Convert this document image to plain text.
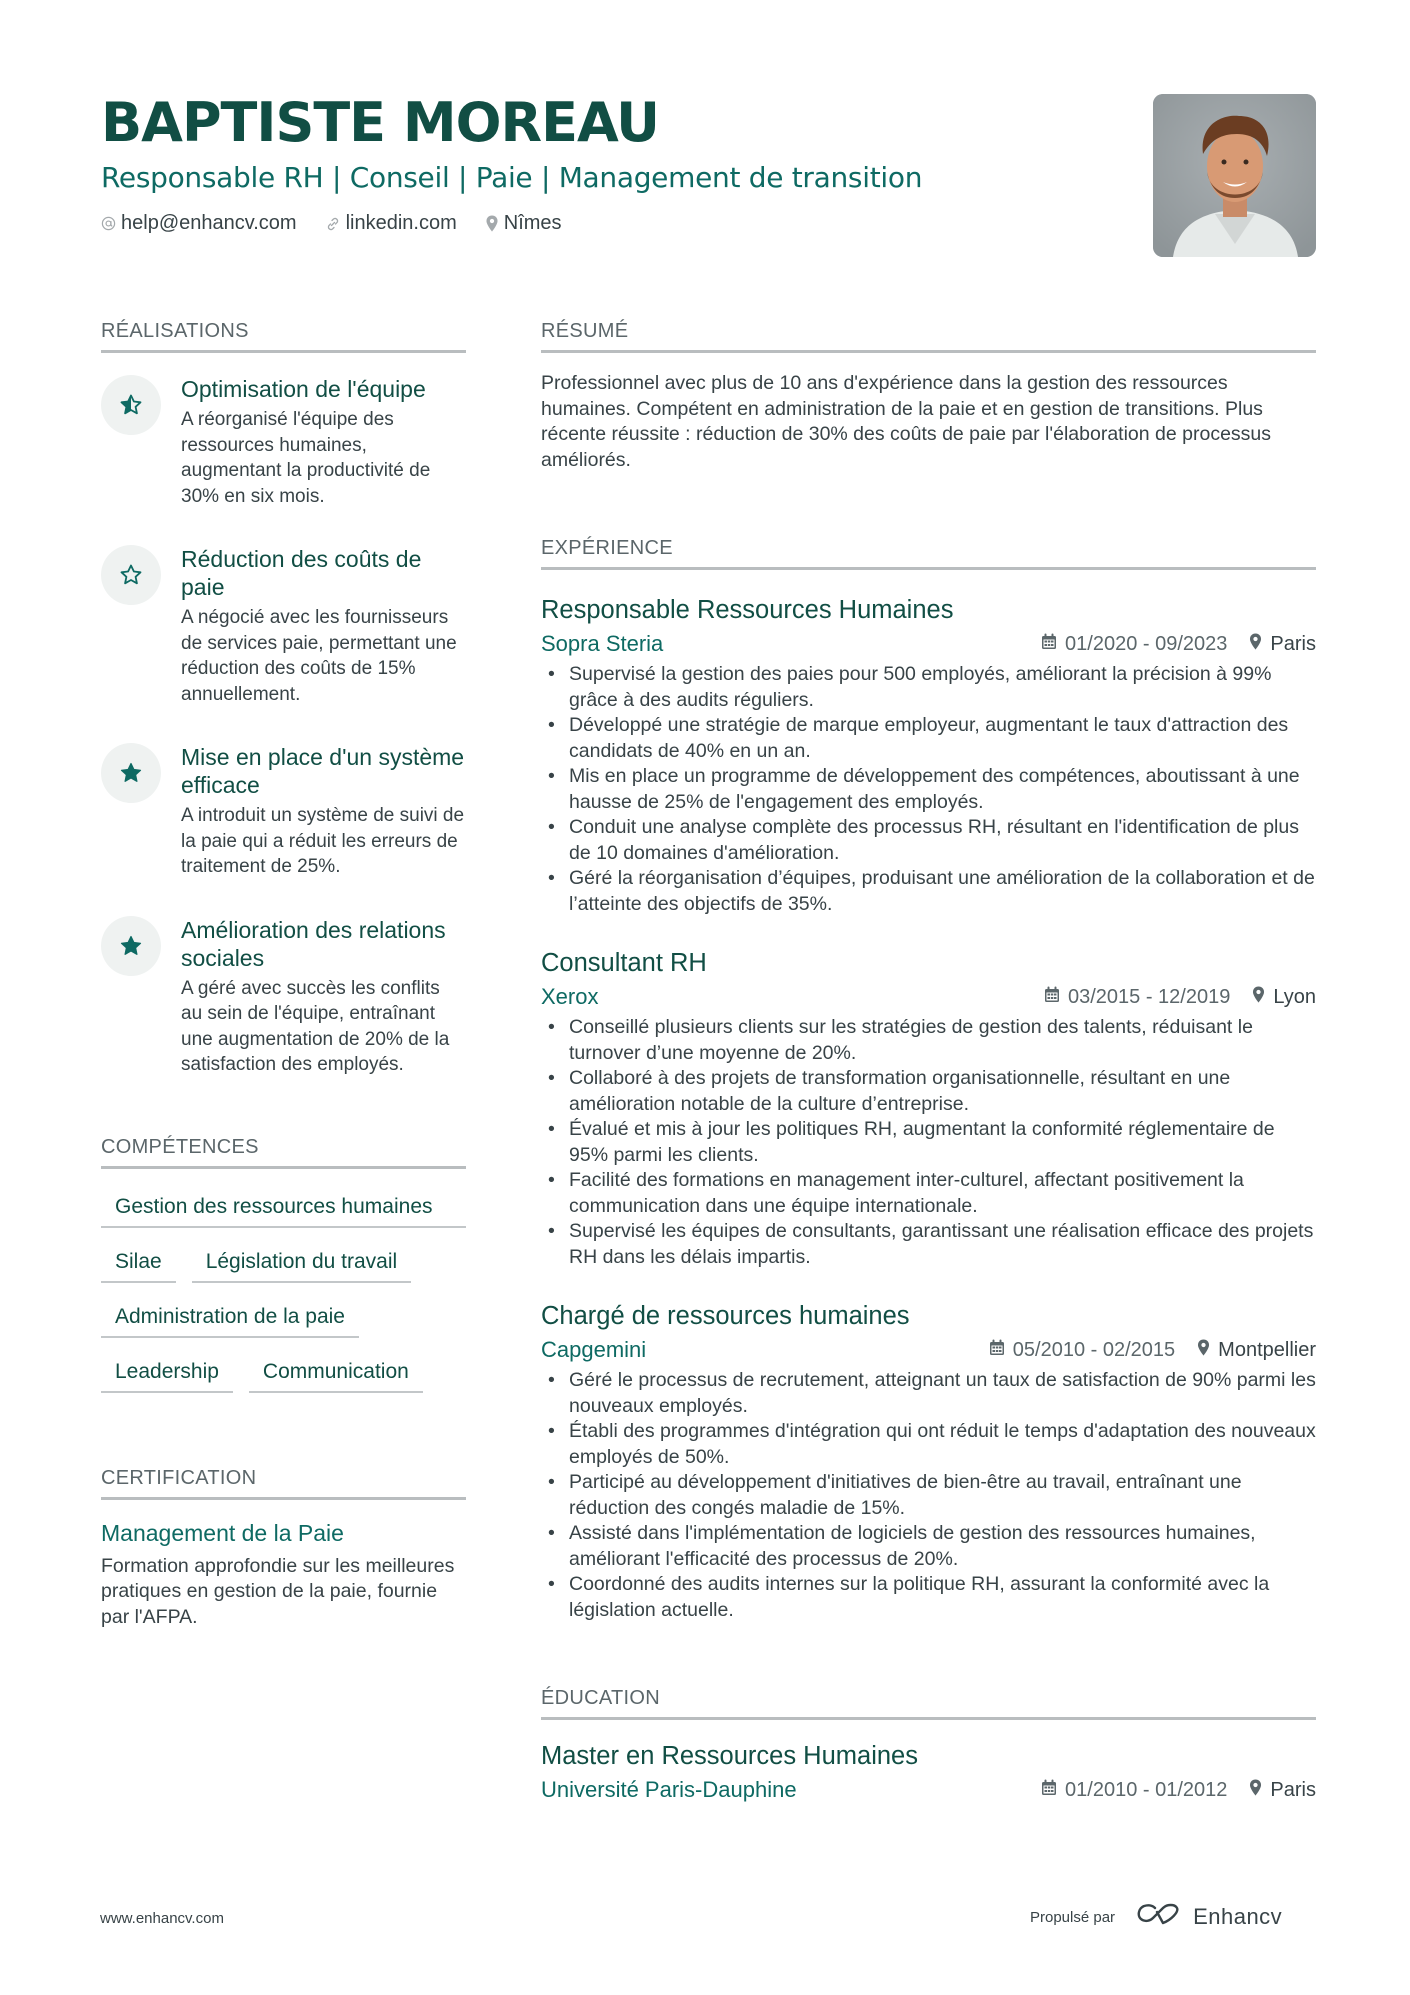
BAPTISTE MOREAU
Responsable RH | Conseil | Paie | Management de transition
help@enhancv.com linkedin.com Nîmes
RÉALISATIONS
Optimisation de l'équipe
A réorganisé l'équipe des ressources humaines, augmentant la productivité de 30% en six mois.
Réduction des coûts de paie
A négocié avec les fournisseurs de services paie, permettant une réduction des coûts de 15% annuellement.
Mise en place d'un système efficace
A introduit un système de suivi de la paie qui a réduit les erreurs de traitement de 25%.
Amélioration des relations sociales
A géré avec succès les conflits au sein de l'équipe, entraînant une augmentation de 20% de la satisfaction des employés.
COMPÉTENCES
Gestion des ressources humaines
Silae	Législation du travail
Administration de la paie
Leadership	Communication
CERTIFICATION
Management de la Paie
Formation approfondie sur les meilleures pratiques en gestion de la paie, fournie par l'AFPA.
RÉSUMÉ
Professionnel avec plus de 10 ans d'expérience dans la gestion des ressources humaines. Compétent en administration de la paie et en gestion de transitions. Plus récente réussite : réduction de 30% des coûts de paie par l'élaboration de processus améliorés.
EXPÉRIENCE
Responsable Ressources Humaines
Sopra Steria	01/2020 - 09/2023 Paris
• Supervisé la gestion des paies pour 500 employés, améliorant la précision à 99% grâce à des audits réguliers.
• Développé une stratégie de marque employeur, augmentant le taux d'attraction des candidats de 40% en un an.
• Mis en place un programme de développement des compétences, aboutissant à une hausse de 25% de l'engagement des employés.
• Conduit une analyse complète des processus RH, résultant en l'identification de plus de 10 domaines d'amélioration.
• Géré la réorganisation d’équipes, produisant une amélioration de la collaboration et de l’atteinte des objectifs de 35%.
Consultant RH
Xerox	03/2015 - 12/2019 Lyon
• Conseillé plusieurs clients sur les stratégies de gestion des talents, réduisant le turnover d’une moyenne de 20%.
• Collaboré à des projets de transformation organisationnelle, résultant en une amélioration notable de la culture d’entreprise.
• Évalué et mis à jour les politiques RH, augmentant la conformité réglementaire de 95% parmi les clients.
• Facilité des formations en management inter-culturel, affectant positivement la communication dans une équipe internationale.
• Supervisé les équipes de consultants, garantissant une réalisation efficace des projets RH dans les délais impartis.
Chargé de ressources humaines
Capgemini	05/2010 - 02/2015 Montpellier
• Géré le processus de recrutement, atteignant un taux de satisfaction de 90% parmi les nouveaux employés.
• Établi des programmes d'intégration qui ont réduit le temps d'adaptation des nouveaux employés de 50%.
• Participé au développement d'initiatives de bien-être au travail, entraînant une réduction des congés maladie de 15%.
• Assisté dans l'implémentation de logiciels de gestion des ressources humaines, améliorant l'efficacité des processus de 20%.
• Coordonné des audits internes sur la politique RH, assurant la conformité avec la législation actuelle.
ÉDUCATION
Master en Ressources Humaines
Université Paris-Dauphine	01/2010 - 01/2012 Paris
www.enhancv.com	Propulsé par	Enhancv
